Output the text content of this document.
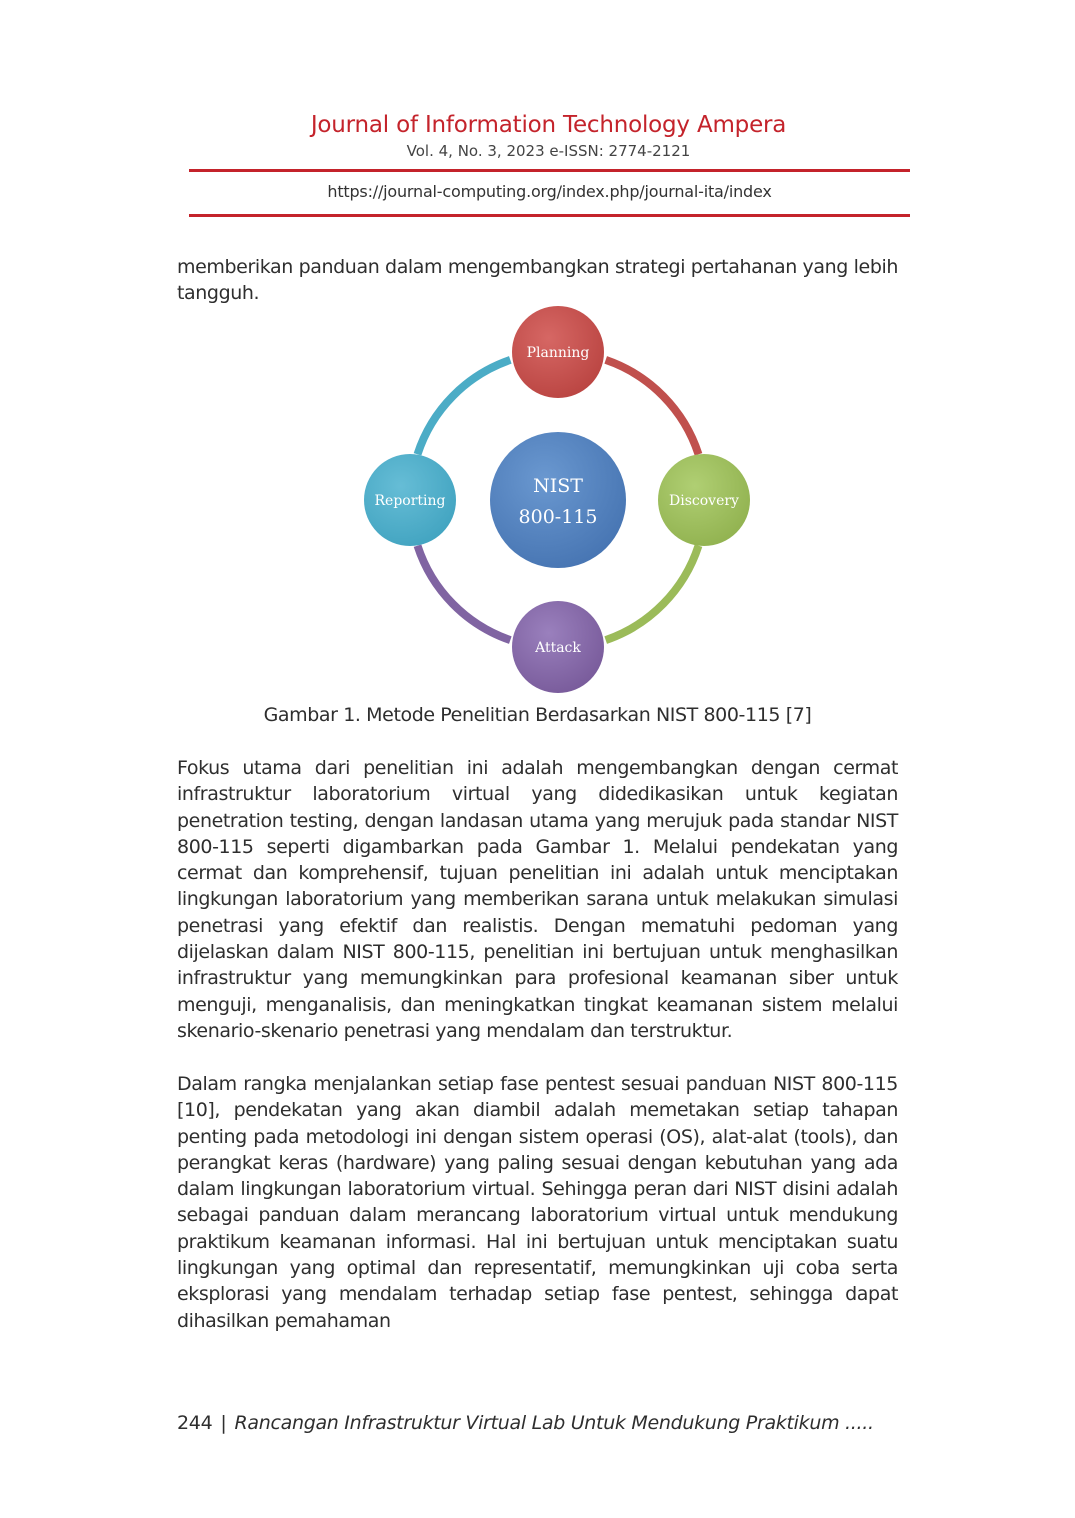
Journal of Information Technology Ampera
Vol. 4, No. 3, 2023 e-ISSN: 2774-2121
https://journal-computing.org/index.php/journal-ita/index

memberikan panduan dalam mengembangkan strategi pertahanan yang lebih tangguh.

NIST
800-115
Planning
Discovery
Attack
Reporting
Gambar 1. Metode Penelitian Berdasarkan NIST 800-115 [7]

Fokus utama dari penelitian ini adalah mengembangkan dengan cermat infrastruktur laboratorium virtual yang didedikasikan untuk kegiatan penetration testing, dengan landasan utama yang merujuk pada standar NIST 800-115 seperti digambarkan pada Gambar 1. Melalui pendekatan yang cermat dan komprehensif, tujuan penelitian ini adalah untuk menciptakan lingkungan laboratorium yang memberikan sarana untuk melakukan simulasi penetrasi yang efektif dan realistis. Dengan mematuhi pedoman yang dijelaskan dalam NIST 800-115, penelitian ini bertujuan untuk menghasilkan infrastruktur yang memungkinkan para profesional keamanan siber untuk menguji, menganalisis, dan meningkatkan tingkat keamanan sistem melalui skenario-skenario penetrasi yang mendalam dan terstruktur.

Dalam rangka menjalankan setiap fase pentest sesuai panduan NIST 800-115 [10], pendekatan yang akan diambil adalah memetakan setiap tahapan penting pada metodologi ini dengan sistem operasi (OS), alat-alat (tools), dan perangkat keras (hardware) yang paling sesuai dengan kebutuhan yang ada dalam lingkungan laboratorium virtual. Sehingga peran dari NIST disini adalah sebagai panduan dalam merancang laboratorium virtual untuk mendukung praktikum keamanan informasi. Hal ini bertujuan untuk menciptakan suatu lingkungan yang optimal dan representatif, memungkinkan uji coba serta eksplorasi yang mendalam terhadap setiap fase pentest, sehingga dapat dihasilkan pemahaman

244 | Rancangan Infrastruktur Virtual Lab Untuk Mendukung Praktikum .....
